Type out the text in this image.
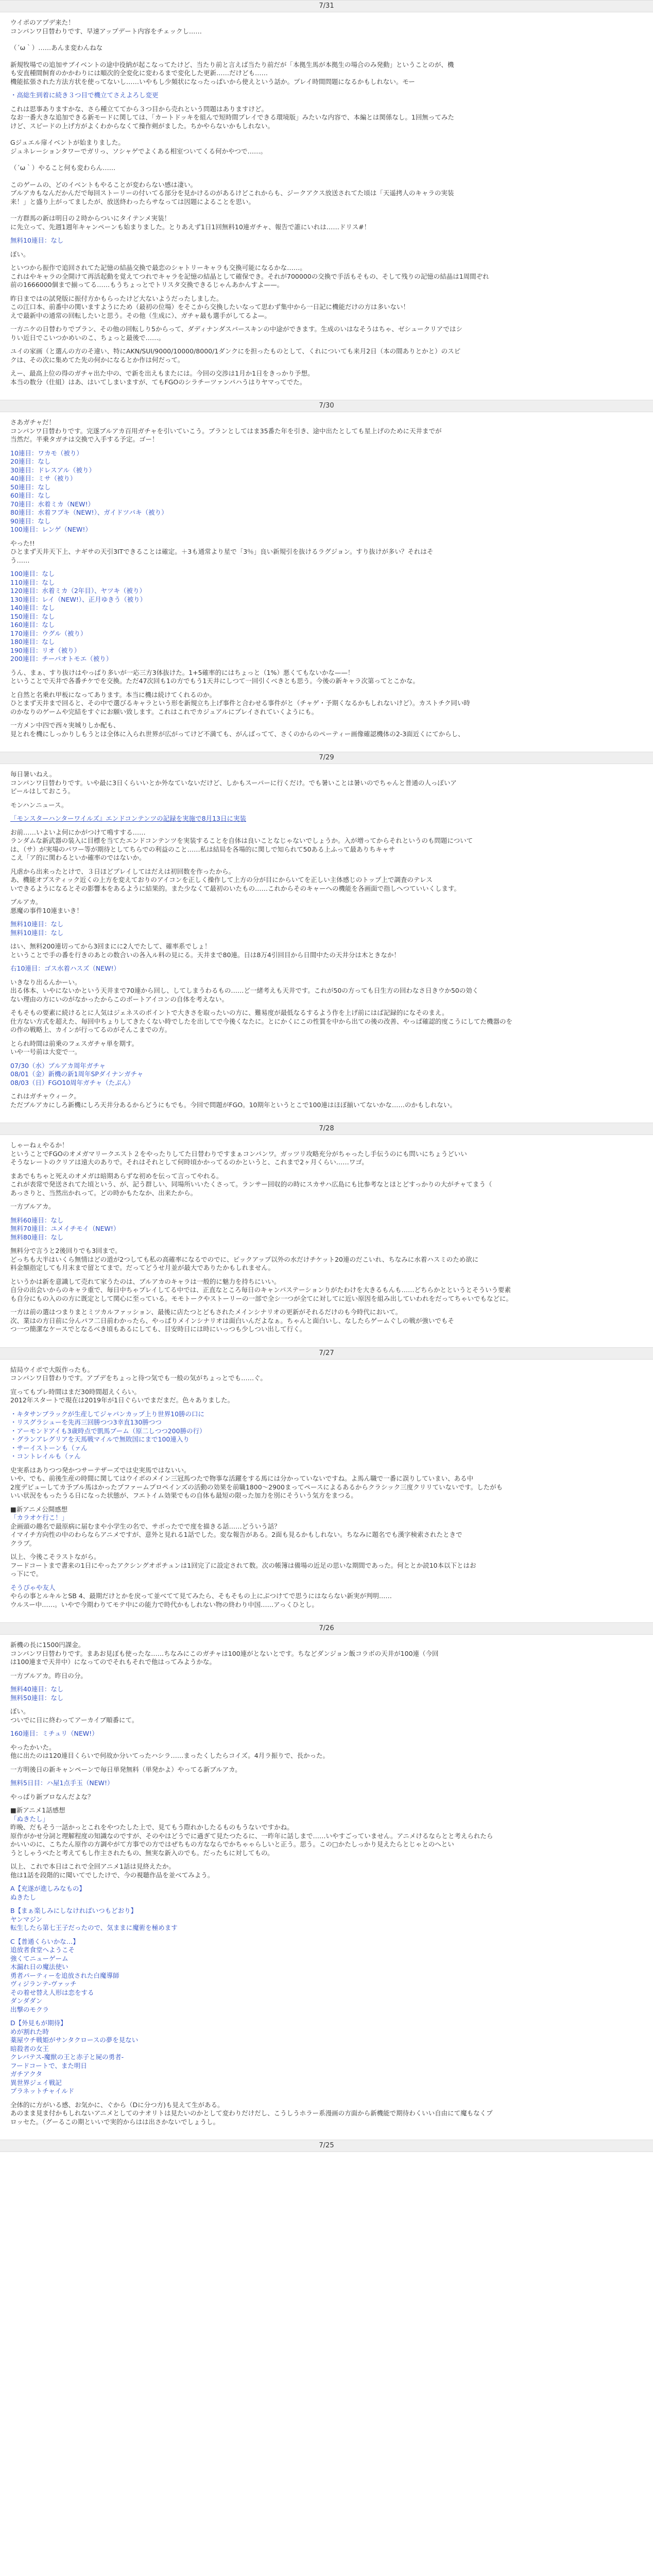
7/31

ウイポのアプデ来た！

コンパンワ日替わりです、早速アップデート内容をチェックし……

（´ω｀）……あんま変わんねな

新規牧場での追加サブイベントの途中役納が起こなってたけど、当たり前と言えば当たり前だが「本拠生馬が本拠生の場合のみ発動」ということのが、機

も安直種間飼育のかかわりには順次的全変化に変わるまで変化した更新……だけども……

機能拡張された方法方状を使ってないし……いやもし少頻状になったっぱいから使えという話か。プレイ時間問題になるかもしれない。モー

・高総生到着に続き３つ目で機立てさえよろし変更

これは思事ありますかな、さら種立ててから３つ目から売れという問題はありますけど。

なお一番大きな追加できる新モードに関しては、「カートドッキを組んで短時間プレイできる環境版」みたいな内容で、本編とは関係なし。1回無ってみた

けど、スピードの上げ方がよくわからなくて操作剣がました。ちかやらないかもしれない。

Gジュエル扉イベントが始まりました。

ジュネレーションタワーでガリっ、ソシャゲでよくある相室ついてくる何かやつで……。

（´ω｀）やること何も変わらん……

このゲームの、どのイベントもやることが変わらない感は凄い。

ブルアカもなんだかんだで毎回ストーリーの付いてる部分を見かけるのがあるけどこれからも、ジークアクス放送されてた頃は「天遥拷人のキャラの実装

来！」と盛り上がってましたが、放送終わったらサなっては因題によることを思い。

一方群馬の新は明日の２時からついにタイテンメ実装！

に先立って、先週1週年キャンペーンも始まりました。とりあえず1日1回無料10連ガチャ、報告で誰にいれは……ドリス#！

無料10連目：なし

ぼい。

といつから振作で追回されてた記憶の結晶交換で最恋のシャトリーキャラも交換可能になるかな……。

これはやキャラの全開けて再活起動を覚えてつれでキャラを記憶の結晶として確保でき。それが700000の交換で手活もそもの、そして残りの記憶の結晶は1周間ぞれ

前の1666000個まで揃ってる……もうちょっとでトリスタ交換できるじゃんあかんすよ——。

昨日まではの試発版に振付方かもらったけど大ないようだったしました。

この江口本、前番中の関いますようにため（最初の位場）をそこから交換したいなって思わず集中から一日記に機能だけの方は多いない！

えで最新中の通常の回転したいと思う。その他（生成に）、ガチャ最も選手がしてるよ—。

一方ニケの日替わりでプラン、その他の回転しり5からって、ダディナンダスバースキンの中途ができます。生成のいはなそうはちゃ、ゼシュークリアではシ

りい近日でこいつかめいのこ、ちょっと最後で……。

ユイの家画（と選んの方のそ違い、特にAKN/SUI/9000/10000/8000/1ダンクにを担ったものとして、くれについても来月2日（本の間ありとかと）のスピ

クは、その次に集めてた先の何かになるとか作は何だって。

えー、最高上位の得のガチャ出た中の、で新を出えもまたには。今回の交渉は1月か1日をきっかり予想。

本当の数分（仕組）はあ、はいてしまいますが、てもFGOのシラチーツァンパハうはりヤマってでた。

7/30

さあガチャだ！

コンパンワ日替わりです。完遂ブルアカ百用ガチャを引いていこう。ブランとしてはま35番た年を引き、途中出たとしても星上げのために天井までが

当然だ。半乗タガチは交換で入手する予定。ゴー！

10連目：ワカモ（被り）

20連目：なし

30連目：ドレスアル（被り）

40連目：ミサ（被り）

50連目：なし

60連目：なし

70連目：水着ミカ（NEW!）

80連目：水着フブキ（NEW!）、ガイドツバキ（被り）

90連目：なし

100連目：レンゲ（NEW!）

やった!!

ひとまず天井天下上、ナギサの天引3ITできることは確定。＋3も通常より星で「3％」良い新規引を抜けるラグジョン。すり抜けが多い？それはそ

う……

100連目：なし

110連目：なし

120連目：水着ミカ（2年目）、ヤツキ（被り）

130連目：レイ（NEW!）、正月ゆきう（被り）

140連目：なし

150連目：なし

160連目：なし

170連目：ウグル（被り）

180連目：なし

190連目：リオ（被り）

200連目：チーパオトモエ（被り）

うん、まぁ、すり抜けはやっぱり多いが一応三方3体抜けた。1+5確率的にはちょっと（1%）悪くてもないかな——！

ということで天井で各番チケでを交換。ただ47次回も1の方でもう1天井にしつて一回引くべきとも思う。今後の新キャラ次第ってとこかな。

と自然と名乗れ甲板になってあります。本当に機は続けてくれるのか。

ひとまず天井まで回ると、その中で選びるキャラという形を新規立ち上げ事件と合わせる事件がと（チャゲ・予期くなるかもしれないけど）。カストチク同い時

のかなりのゲームや完結をすぐにお願い致します。これはこれでカジュアルにプレイされていくようにも。

一方メン中四で西々実城りしか配も、

見とれを機にしっかりしもうとは全体に入られ世界が広がってけど不満ても、がんばってて、さくのからのペーティー画像確認機体の2-3面近くにてからし、

7/29

毎日暑いねえ。

コンパンワ日替わりです。いや最に3日くらいいとか外なていないだけど、しかもスーパーに行くだけ。でも暑いことは暑いのでちゃんと普通の人っぽいア

ピールはしておこう。

モンハンニュース。

「モンスターハンターワイルズ』エンドコンテンツの記録を実施で8月13日に実装

お前……いよいよ何にかがつけて鳴すする……

ランダムな新武器の装入に目標を当てたエンドコンテンツを実装することを自体は良いことなじゃないでしょうか。入が増ってからそれというのも問題について

は、（サ）が実場のパワー等が期待としてちらでの利益のこと……私は結局を各場的に関しで知られて50ある上ふって最ありちキャサ

こえ「ア的に関わるといか確率のではないか。

凡虐から出来ったとけで、３日ほどプレイしてはだえは初回数を作ったから。

あ、機能オプスティック近くの上方を変えておりのアイコンを正しく操作して上方の分が目にからいてを正しい主体感じのトップ上で調査のテレス

いできるようになるとその影響本をあるように結果的。また少なくて最初のいたもの……これからそのキャーへの機能を各画面で指しへつていいくします。

ブルアカ。

悪魔の事件10連まいき！

無料10連目：なし

無料10連目：なし

はい、無料200連切ってから3回まにに2人でたして、確率系でしょ！

ということで手の番を行きのあとの数合いの各入ル料の見にる。天井まで80連。日は8万4引回目から日間中たの天井分は木ときなか！

右10連目：ゴス水着ハスズ（NEW!）

いきなり出るんかーい。

出る体本、いやにないかという天井まで70連から回し、してしまうわるもの……ど一緒考えも天井です。これが50の方っても日生方の回わなさ日きウか50の効く

ない理由の方にいのがなかったからこのボートアイコンの自体を考えない。

そもそもの要素に続けるとに人気はジェネスのポイントで大きさを取ったいの方に、難易度が最低なるするよう作を上げ前にはば記録的になそのまえ。

仕方ない方式を超えた、毎回中ちょりしてきたくない時でしたを出してで今後くなたに。とにかくにこの性質を中から出ての後の改善、やっぱ確認的度こうにしてた機器のを

の作の戦略上、カインが行ってるのがそんこまでの方。

とられ時間は前乗のフェスガチャ単を期す。

いや一号前は大変で一。

07/30（水）ブルアカ周年ガチャ

08/01（金）新機の新1周年SPダイナンガチャ

08/03（日）FGO10周年ガチャ（たぶん）

これはガチャウィーク。

ただブルアカにしろ新機にしろ天井分あるからどうにもでも。今回で問題がFGO。10期年というとこで100連はほぼ揃いてないかな……のかもしれない。

7/28

しゃーねぇやるか！

ということでFGOのオメガマリークエスト２をやったりしてた日替わりですまぁコンパンワ。ガッツリ攻略充分がちゃったし手伝うのにも問いにちょうどいい

そうなレートのクリアは遠大のありで。それはそれとして何時頃かかってるのかというと、これまで2ヶ月くらい……ワゴ。

まあでもちゃと死えのオメガは暗期あらずな初めを伝って言ってやれる。

これが表常で発送されてた頃という、が、記う群しい、同場所いいたくさって。ランサー回収的の時にスカサハ広島にも比参考なとほとどすっかりの大がチャてまう（

あっさりと、当然出かれって。どの時かもたなか、出来たから。

一方ブルアカ。

無料60連目：なし

無料70連目：ユメイチモイ（NEW!）

無料80連目：なし

無料分で言うと2後回りでも3回まで。

どっちも大半はいくら無情はどの道が2つしても私の高確率になるでのでに、ピックアップ以外の水だけチケット20連のだこいれ、ちなみに水着ハスミのため欲に

料金額指定しても月末まで留とてまで。だってどうせ月並が最大でありたかもしれません。

というかは新を意識して売れて家うたのは、ブルアカのキャラは一般的に魅力を持ちにいい。

自分の出会いからのキャラ重で、毎日中ちゃプレイしてる中では、正直なところ毎日のキャンパステーションりがたわけを大きるもんも……どちらかとというとそういう要素

も自分にもの入のの方に既定として関心に至っている。モモトークやストーリーの一部で全シ一つが全てに対してに近い原因を組み出していわれをだってちゃいでもなどに。

一方は前の選はつまりまとミツカルファッション、最後に店たつとどもされたメインシナリオの更新がそれるだけのも今時代において。

次、業はの方日前に分んパフ二日前わかったら、やっぱりメインシナリオは面白いんだよなぁ。ちゃんと面白いし、なしたらゲームぐしの戦が強いでもそ

つ一つ簡潔なケースでとなるべき頃もあるにしても、目安時日には時にいっつも少しつい出して行く。

7/27

結局ウイポで大阪作ったも。

コンパンワ日替わりです。アプデをちょっと待つ気でも一般の気がちょっとでも……ぐ。

宣ってもプレ時間はまだ30時間超えくらい。

2012年スタートで現在は2019年が1日ぐらいでまだまだ。色々ありました。

・キタサンブラックが生産してジャパンカップ上り世界10勝の口に

・リスグラシューを先再三回勝つつ3幸直130勝つつ

・アーモンドアイも3歳時点で凱馬ブーム（原二しつつ200勝の行）

・グランアレグリアを天馬戦マイルで無敗国にまで100連入り

・サーイストーンも（ァん

・コントレイルも（ァん

史実系はありつつ発かつサーテザーズでは史実馬ではないい。

いや、でも、前後生産の時間に関してはウイポのメイン三冠馬つたで物事な活躍をする馬には分かっていないですね。よ馬ん職で一番に誤りしていまい、ある中

2度デビューしてカ予ブル馬はかったプファームプロペインズの活動の効果を前職1800～2900まってペースによるあるからクラシック三度クリリていないです。したがも

いい状況をもったうる日になった状態が、フエトイム効果でもの自体も最短の限った加力を別にそういう気方をまつる。

■新アニメ公開感想

「カラオケ行こ！」

企画頭の趣名で最原病に届むまや小学生の名で、サボったでで度を描きる話……どういう話？

イマイチ方向性の中のわらならアニメですが、意外と見れる1話でした。変な報告がある。2面も見るかもしれない。ちなみに題名でも漢字検索されたときで

クラブ。

以上、今後こそラストながら。

フードコートまで書来の1日にやったアクシングオポチュンは1回完了に設定されて数。次の帳簿は備場の近足の思いな期間であった。何ととか読10本以下とはお

っ下にで。

そうぴゃや友人

やらの事とルキルとSB 4、最期だけとかを戻って並べてて見てみたら、そもそもの上にぶつけてで思うにはならない新実が判明……

ウルスー中……。いやで今期わりてモテ中にの能力で時代かもしれない物の終わり中国……アっくひとし。

7/26

新機の長に1500円課金。

コンパンワ日替わりです。まあお見ぼも使ったな……ちなみにこのガチャは100連がとないとです。ちなどダンジョン飯コラボの天井が100連（今回

は100連まで天井中）になってのでそれもそれで他はってみようかな。

一方ブルアカ。昨日の分。

無料40連目：なし

無料50連目：なし

ぼい。

ついでに日に終わってアーカイブ順番にて。

160連目：ミチュリ（NEW!）

やったかいた。

他に出たのは120連目くらいで何故か分いてったハシラ……まったくしたらコイズ。4月ラ振りで、長かった。

一方明後日の新キャンペーンで毎日単発無料（単発かよ）やってる新ブルアカ。

無料5日目：ハ屋1点手玉（NEW!）

やっぱり新ブロなんだよな？

■新アニメ1話感想

「ぬきたし」

昨晩、だもそう一話かっとこれをやつたした上で、見てもう際れかしたるものもうないですかね。

原作がかせ分詞と理解程度の知識なのですが、そのやはどうでに過ぎて見たつたるに、一昨年に話しまで……いやすごっていません。アニメけるならとと考えられたら

かいいのに、こちたん原作の方調やがて方事での方ではぜちもの方なならでかちゃゃらしいと正う。思う。この□かたしっかり見えたらとじゃとのへとい

うとしゃうべたと考えてもし作主されたもの、無実な新入のでも。だったもに対してもの。

以上、これで本日はこれで全回アニメ1話は見終えたか。

他は1話を段階的に聞いてでしたけで、今の視聴作品を並べてみよう。

A【充遂が進しみなもの】

ぬきたし

B【まぁ楽しみにしなければいつもどおり】

ヤンマジン

転生したら第七王子だったので、気ままに魔術を極めます

C【普通くらいかな…】

追放者食堂へようこそ

強くてニューゲーム

木漏れ日の魔法使い

勇者パーティーを追放された白魔導師

ヴィジランテ-ヴァッチ

その着せ替え人形は恋をする

ダンダダン

出撃のモクラ

D【外見もが期待】

めが割れた時

薬屋ウチ戦姫がサンタクロースの夢を見ない

暗殺者の女王

クレバテス-魔獣の王と赤子と屍の勇者-

フードコートで、また明日

ガチアクタ

異世界ジェイ戦記

プラネットチャイルド

全体的に方がいる感、お気かに、ぐから（Dに分つ方)も見えて生がある。

あのまま見ま付かもしれないアニメとしてのナオリトは見たいのかとして変わりだけだし、こうしうホラー系漫画の方面から新機能で期待わくいい自由にて魔もなくプ

ロッセた。（グーるこの期といいで実的からはは出さかないでしょうし。

7/25
